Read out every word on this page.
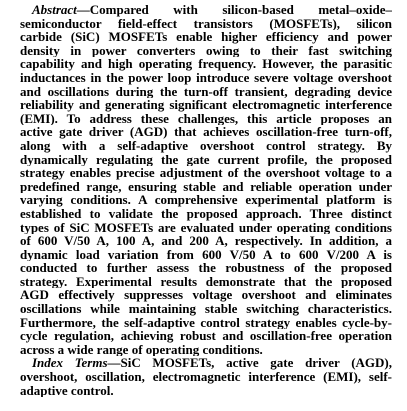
Abstract—Compared with silicon-based metal–oxide–
semiconductor field-effect transistors (MOSFETs), silicon
carbide (SiC) MOSFETs enable higher efficiency and power
density in power converters owing to their fast switching
capability and high operating frequency. However, the parasitic
inductances in the power loop introduce severe voltage overshoot
and oscillations during the turn-off transient, degrading device
reliability and generating significant electromagnetic interference
(EMI). To address these challenges, this article proposes an
active gate driver (AGD) that achieves oscillation-free turn-off,
along with a self-adaptive overshoot control strategy. By
dynamically regulating the gate current profile, the proposed
strategy enables precise adjustment of the overshoot voltage to a
predefined range, ensuring stable and reliable operation under
varying conditions. A comprehensive experimental platform is
established to validate the proposed approach. Three distinct
types of SiC MOSFETs are evaluated under operating conditions
of 600 V/50 A, 100 A, and 200 A, respectively. In addition, a
dynamic load variation from 600 V/50 A to 600 V/200 A is
conducted to further assess the robustness of the proposed
strategy. Experimental results demonstrate that the proposed
AGD effectively suppresses voltage overshoot and eliminates
oscillations while maintaining stable switching characteristics.
Furthermore, the self-adaptive control strategy enables cycle-by-
cycle regulation, achieving robust and oscillation-free operation
across a wide range of operating conditions.
Index Terms—SiC MOSFETs, active gate driver (AGD),
overshoot, oscillation, electromagnetic interference (EMI), self-
adaptive control.
